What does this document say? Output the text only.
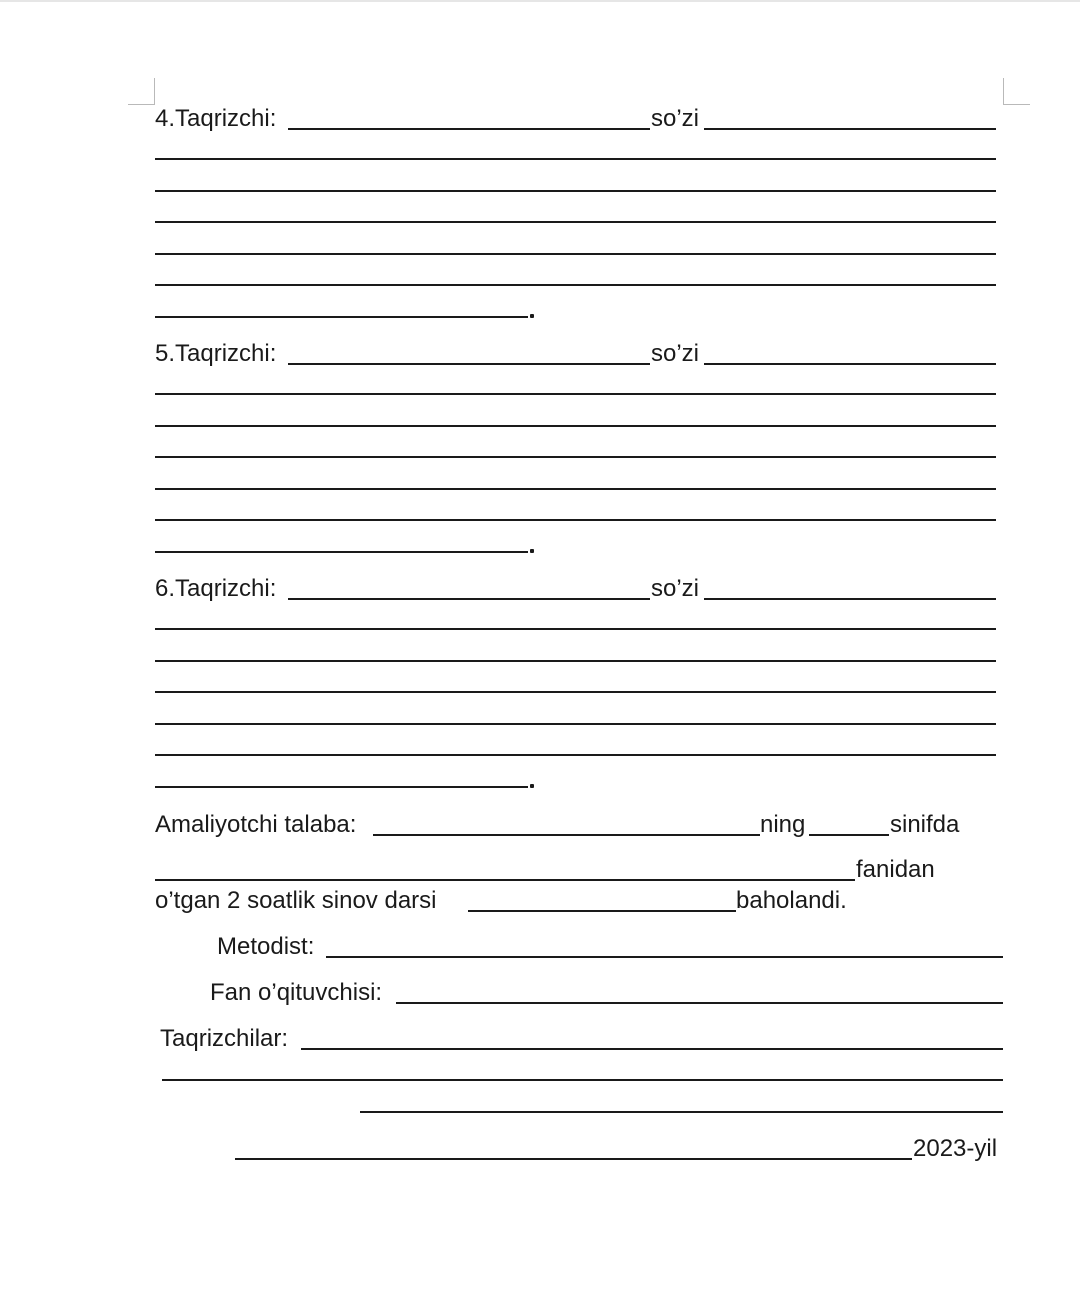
4.Taqrizchi:	so’zi
5.Taqrizchi:	so’zi
6.Taqrizchi:	so’zi
Amaliyotchi talaba:	ning	sinifda
fanidan
o’tgan 2 soatlik sinov darsi	baholandi.
Metodist:
Fan o’qituvchisi:
Taqrizchilar:
2023-yil
